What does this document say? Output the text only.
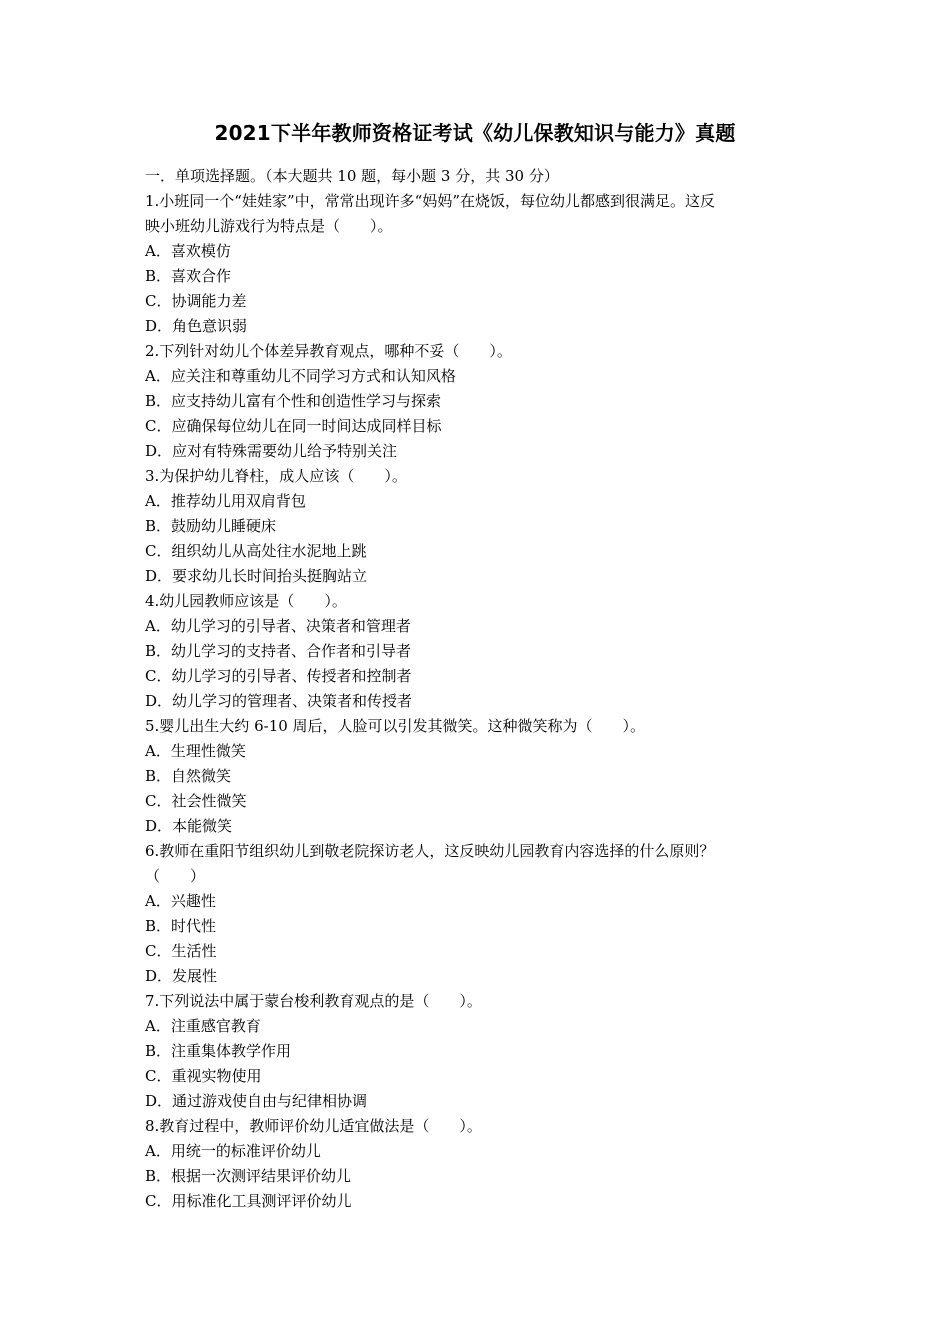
2021下半年教师资格证考试《幼儿保教知识与能力》真题
一．单项选择题。（本大题共 10 题，每小题 3 分，共 30 分）
1.小班同一个“娃娃家”中，常常出现许多“妈妈”在烧饭，每位幼儿都感到很满足。这反
映小班幼儿游戏行为特点是（　　）。
A．喜欢模仿
B．喜欢合作
C．协调能力差
D．角色意识弱
2.下列针对幼儿个体差异教育观点，哪种不妥（　　）。
A．应关注和尊重幼儿不同学习方式和认知风格
B．应支持幼儿富有个性和创造性学习与探索
C．应确保每位幼儿在同一时间达成同样目标
D．应对有特殊需要幼儿给予特别关注
3.为保护幼儿脊柱，成人应该（　　）。
A．推荐幼儿用双肩背包
B．鼓励幼儿睡硬床
C．组织幼儿从高处往水泥地上跳
D．要求幼儿长时间抬头挺胸站立
4.幼儿园教师应该是（　　）。
A．幼儿学习的引导者、决策者和管理者
B．幼儿学习的支持者、合作者和引导者
C．幼儿学习的引导者、传授者和控制者
D．幼儿学习的管理者、决策者和传授者
5.婴儿出生大约 6-10 周后，人脸可以引发其微笑。这种微笑称为（　　）。
A．生理性微笑
B．自然微笑
C．社会性微笑
D．本能微笑
6.教师在重阳节组织幼儿到敬老院探访老人，这反映幼儿园教育内容选择的什么原则？
（　　）
A．兴趣性
B．时代性
C．生活性
D．发展性
7.下列说法中属于蒙台梭利教育观点的是（　　）。
A．注重感官教育
B．注重集体教学作用
C．重视实物使用
D．通过游戏使自由与纪律相协调
8.教育过程中，教师评价幼儿适宜做法是（　　）。
A．用统一的标准评价幼儿
B．根据一次测评结果评价幼儿
C．用标准化工具测评评价幼儿
